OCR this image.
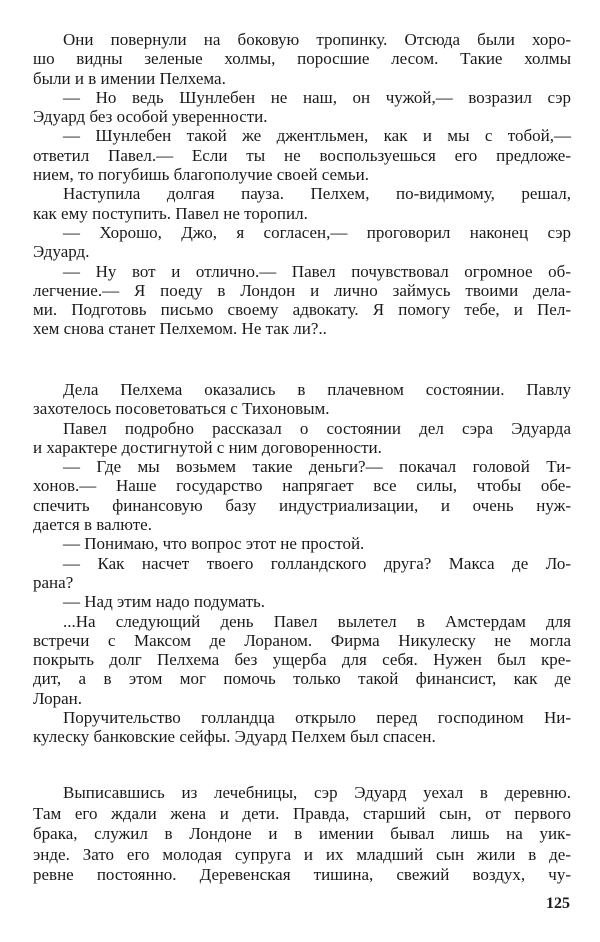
Они повернули на боковую тропинку. Отсюда были хоро-
шо видны зеленые холмы, поросшие лесом. Такие холмы
были и в имении Пелхема.
— Но ведь Шунлебен не наш, он чужой,— возразил сэр
Эдуард без особой уверенности.
— Шунлебен такой же джентльмен, как и мы с тобой,—
ответил Павел.— Если ты не воспользуешься его предложе-
нием, то погубишь благополучие своей семьи.
Наступила долгая пауза. Пелхем, по-видимому, решал,
как ему поступить. Павел не торопил.
— Хорошо, Джо, я согласен,— проговорил наконец сэр
Эдуард.
— Ну вот и отлично.— Павел почувствовал огромное об-
легчение.— Я поеду в Лондон и лично займусь твоими дела-
ми. Подготовь письмо своему адвокату. Я помогу тебе, и Пел-
хем снова станет Пелхемом. Не так ли?..
Дела Пелхема оказались в плачевном состоянии. Павлу
захотелось посоветоваться с Тихоновым.
Павел подробно рассказал о состоянии дел сэра Эдуарда
и характере достигнутой с ним договоренности.
— Где мы возьмем такие деньги?— покачал головой Ти-
хонов.— Наше государство напрягает все силы, чтобы обе-
спечить финансовую базу индустриализации, и очень нуж-
дается в валюте.
— Понимаю, что вопрос этот не простой.
— Как насчет твоего голландского друга? Макса де Ло-
рана?
— Над этим надо подумать.
...На следующий день Павел вылетел в Амстердам для
встречи с Максом де Лораном. Фирма Никулеску не могла
покрыть долг Пелхема без ущерба для себя. Нужен был кре-
дит, а в этом мог помочь только такой финансист, как де
Лоран.
Поручительство голландца открыло перед господином Ни-
кулеску банковские сейфы. Эдуард Пелхем был спасен.
Выписавшись из лечебницы, сэр Эдуард уехал в деревню.
Там его ждали жена и дети. Правда, старший сын, от первого
брака, служил в Лондоне и в имении бывал лишь на уик-
энде. Зато его молодая супруга и их младший сын жили в де-
ревне постоянно. Деревенская тишина, свежий воздух, чу-
125
